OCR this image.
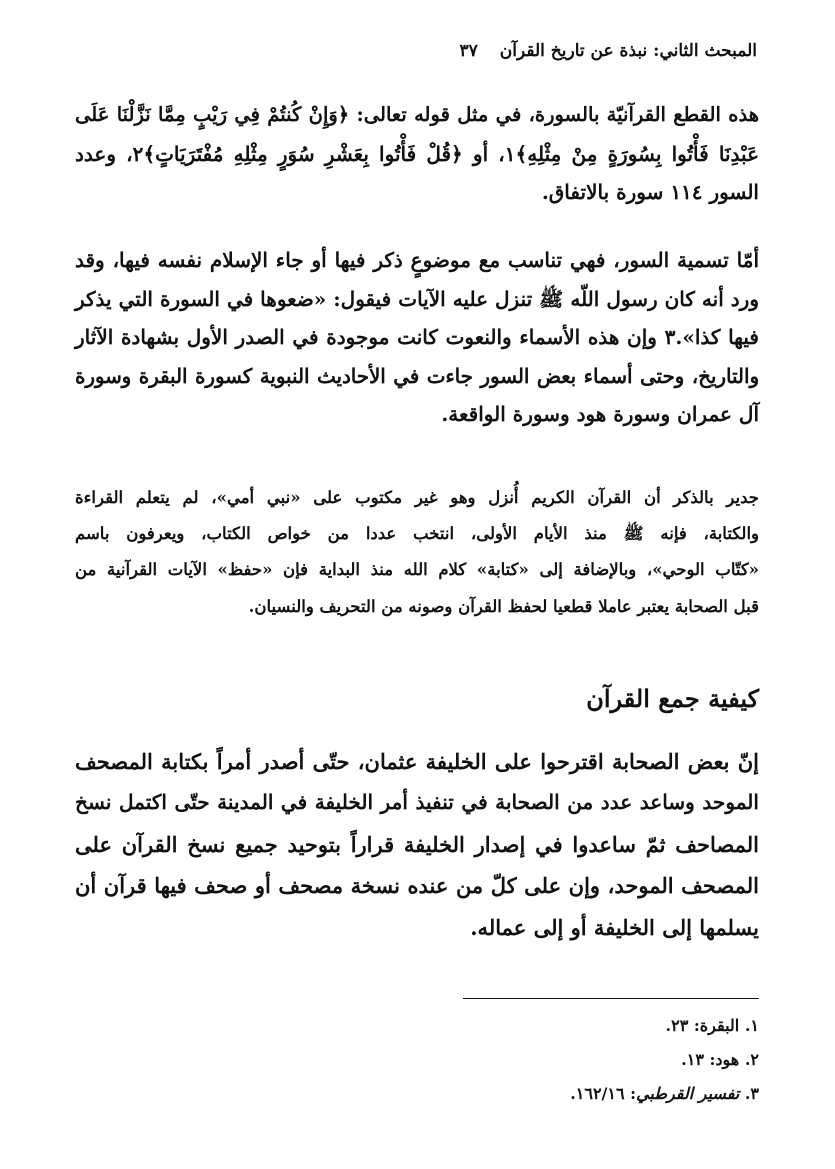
المبحث الثاني: نبذة عن تاريخ القرآن
٣٧

هذه القطع القرآنيّة بالسورة، في مثل قوله تعالى: ﴿وَإِنْ كُنتُمْ فِي رَيْبٍ مِمَّا نَزَّلْنَا عَلَى
عَبْدِنَا فَأْتُوا بِسُورَةٍ مِنْ مِثْلِهِ﴾١، أو ﴿قُلْ فَأْتُوا بِعَشْرِ سُوَرٍ مِثْلِهِ مُفْتَرَيَاتٍ﴾٢، وعدد
السور ١١٤ سورة بالاتفاق.

أمّا تسمية السور، فهي تناسب مع موضوعٍ ذكر فيها أو جاء الإسلام نفسه فيها، وقد
ورد أنه كان رسول اللّه ﷺ تنزل عليه الآيات فيقول: «ضعوها في السورة التي يذكر
فيها كذا».٣ وإن هذه الأسماء والنعوت كانت موجودة في الصدر الأول بشهادة الآثار
والتاريخ، وحتى أسماء بعض السور جاءت في الأحاديث النبوية كسورة البقرة وسورة
آل عمران وسورة هود وسورة الواقعة.

جدير بالذكر أن القرآن الكريم أُنزل وهو غير مكتوب على «نبي أمي»، لم يتعلم القراءة
والكتابة، فإنه ﷺ منذ الأيام الأولى، انتخب عددا من خواص الكتاب، ويعرفون باسم
«كتّاب الوحي»، وبالإضافة إلى «كتابة» كلام الله منذ البداية فإن «حفظ» الآيات القرآنية من
قبل الصحابة يعتبر عاملا قطعيا لحفظ القرآن وصونه من التحريف والنسيان.

كيفية جمع القرآن

إنّ بعض الصحابة اقترحوا على الخليفة عثمان، حتّى أصدر أمراً بكتابة المصحف
الموحد وساعد عدد من الصحابة في تنفيذ أمر الخليفة في المدينة حتّى اكتمل نسخ
المصاحف ثمّ ساعدوا في إصدار الخليفة قراراً بتوحيد جميع نسخ القرآن على
المصحف الموحد، وإن على كلّ من عنده نسخة مصحف أو صحف فيها قرآن أن
يسلمها إلى الخليفة أو إلى عماله.

١. البقرة: ٢٣.
٢. هود: ١٣.
٣. تفسير القرطبي: ١٦٢/١٦.
